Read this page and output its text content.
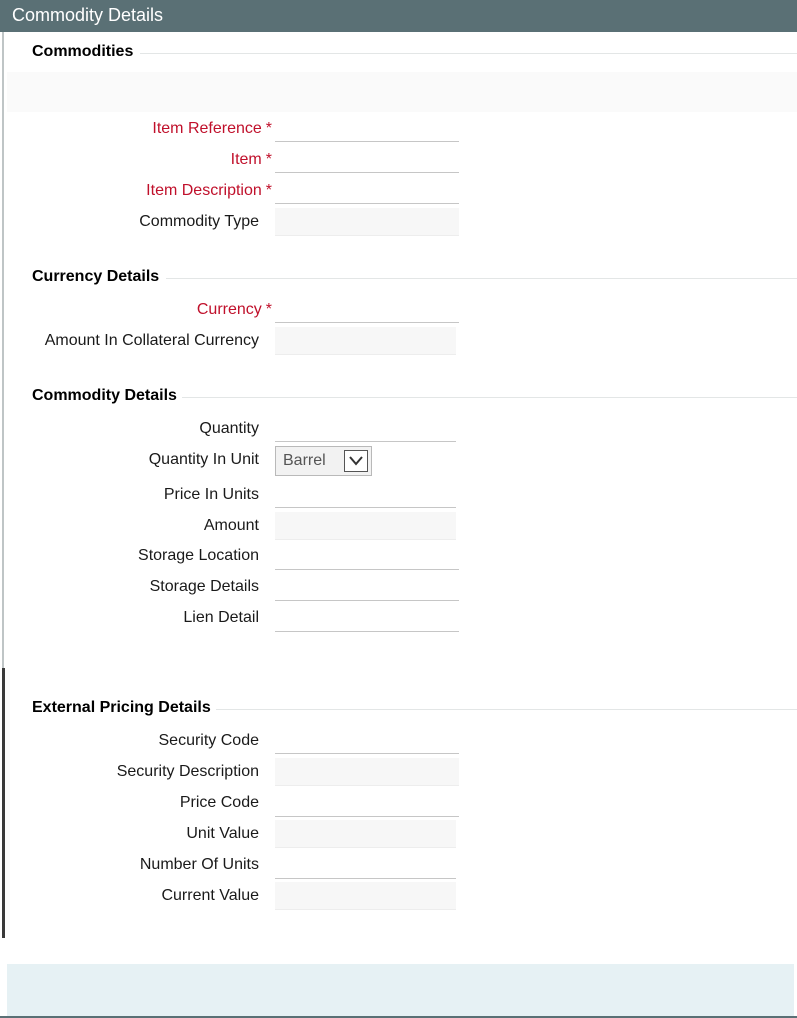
Commodity Details
Commodities
Item Reference *
Item *
Item Description *
Commodity Type
Currency Details
Currency *
Amount In Collateral Currency
Commodity Details
Quantity
Quantity In Unit	Barrel
Price In Units
Amount
Storage Location
Storage Details
Lien Detail
External Pricing Details
Security Code
Security Description
Price Code
Unit Value
Number Of Units
Current Value
